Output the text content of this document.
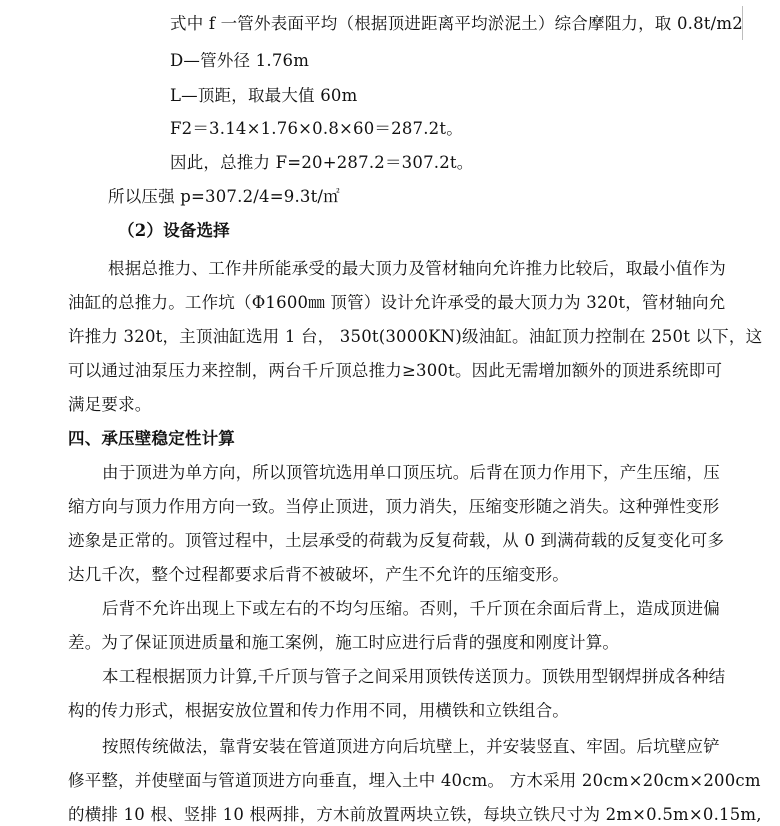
式中 f 一管外表面平均（根据顶进距离平均淤泥土）综合摩阻力，取 0.8t/m2
D—管外径 1.76m
L—顶距，取最大值 60m
F2＝3.14×1.76×0.8×60＝287.2t。
因此，总推力 F=20+287.2＝307.2t。
所以压强 p=307.2/4=9.3t/㎡
（2）设备选择
根据总推力、工作井所能承受的最大顶力及管材轴向允许推力比较后，取最小值作为
油缸的总推力。工作坑（Φ1600㎜ 顶管）设计允许承受的最大顶力为 320t，管材轴向允
许推力 320t，主顶油缸选用 1 台， 350t(3000KN)级油缸。油缸顶力控制在 250t 以下，这
可以通过油泵压力来控制，两台千斤顶总推力≥300t。因此无需增加额外的顶进系统即可
满足要求。
四、承压壁稳定性计算
由于顶进为单方向，所以顶管坑选用单口顶压坑。后背在顶力作用下，产生压缩，压
缩方向与顶力作用方向一致。当停止顶进，顶力消失，压缩变形随之消失。这种弹性变形
迹象是正常的。顶管过程中，土层承受的荷载为反复荷载，从 0 到满荷载的反复变化可多
达几千次，整个过程都要求后背不被破坏，产生不允许的压缩变形。
后背不允许出现上下或左右的不均匀压缩。否则，千斤顶在余面后背上，造成顶进偏
差。为了保证顶进质量和施工案例，施工时应进行后背的强度和刚度计算。
本工程根据顶力计算,千斤顶与管子之间采用顶铁传送顶力。顶铁用型钢焊拼成各种结
构的传力形式，根据安放位置和传力作用不同，用横铁和立铁组合。
按照传统做法，靠背安装在管道顶进方向后坑壁上，并安装竖直、牢固。后坑壁应铲
修平整，并使壁面与管道顶进方向垂直，埋入土中 40cm。 方木采用 20cm×20cm×200cm
的横排 10 根、竖排 10 根两排，方木前放置两块立铁，每块立铁尺寸为 2m×0.5m×0.15m,
